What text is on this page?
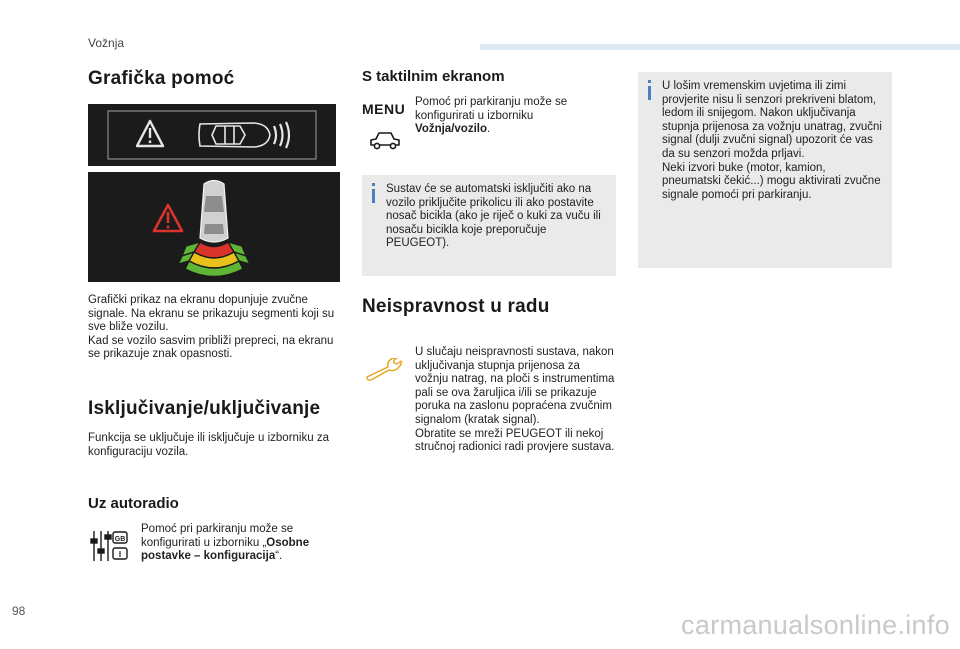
Vožnja
Grafička pomoć
Grafički prikaz na ekranu dopunjuje zvučne signale. Na ekranu se prikazuju segmenti koji su sve bliže vozilu.
Kad se vozilo sasvim približi prepreci, na ekranu se prikazuje znak opasnosti.
Isključivanje/uključivanje
Funkcija se uključuje ili isključuje u izborniku za konfiguraciju vozila.
Uz autoradio
GB
I
Pomoć pri parkiranju može se konfigurirati u izborniku „Osobne postavke – konfiguracija“.
S taktilnim ekranom
MENU Pomoć pri parkiranju može se konfigurirati u izborniku Vožnja/vozilo.
Sustav će se automatski isključiti ako na vozilo priključite prikolicu ili ako postavite nosač bicikla (ako je riječ o kuki za vuču ili nosaču bicikla koje preporučuje PEUGEOT).
Neispravnost u radu
U slučaju neispravnosti sustava, nakon uključivanja stupnja prijenosa za vožnju natrag, na ploči s instrumentima pali se ova žaruljica i/ili se prikazuje poruka na zaslonu popraćena zvučnim signalom (kratak signal).
Obratite se mreži PEUGEOT ili nekoj stručnoj radionici radi provjere sustava.
U lošim vremenskim uvjetima ili zimi provjerite nisu li senzori prekriveni blatom, ledom ili snijegom. Nakon uključivanja stupnja prijenosa za vožnju unatrag, zvučni signal (dulji zvučni signal) upozorit će vas da su senzori možda prljavi.
Neki izvori buke (motor, kamion, pneumatski čekić...) mogu aktivirati zvučne signale pomoći pri parkiranju.
98	carmanualsonline.info
